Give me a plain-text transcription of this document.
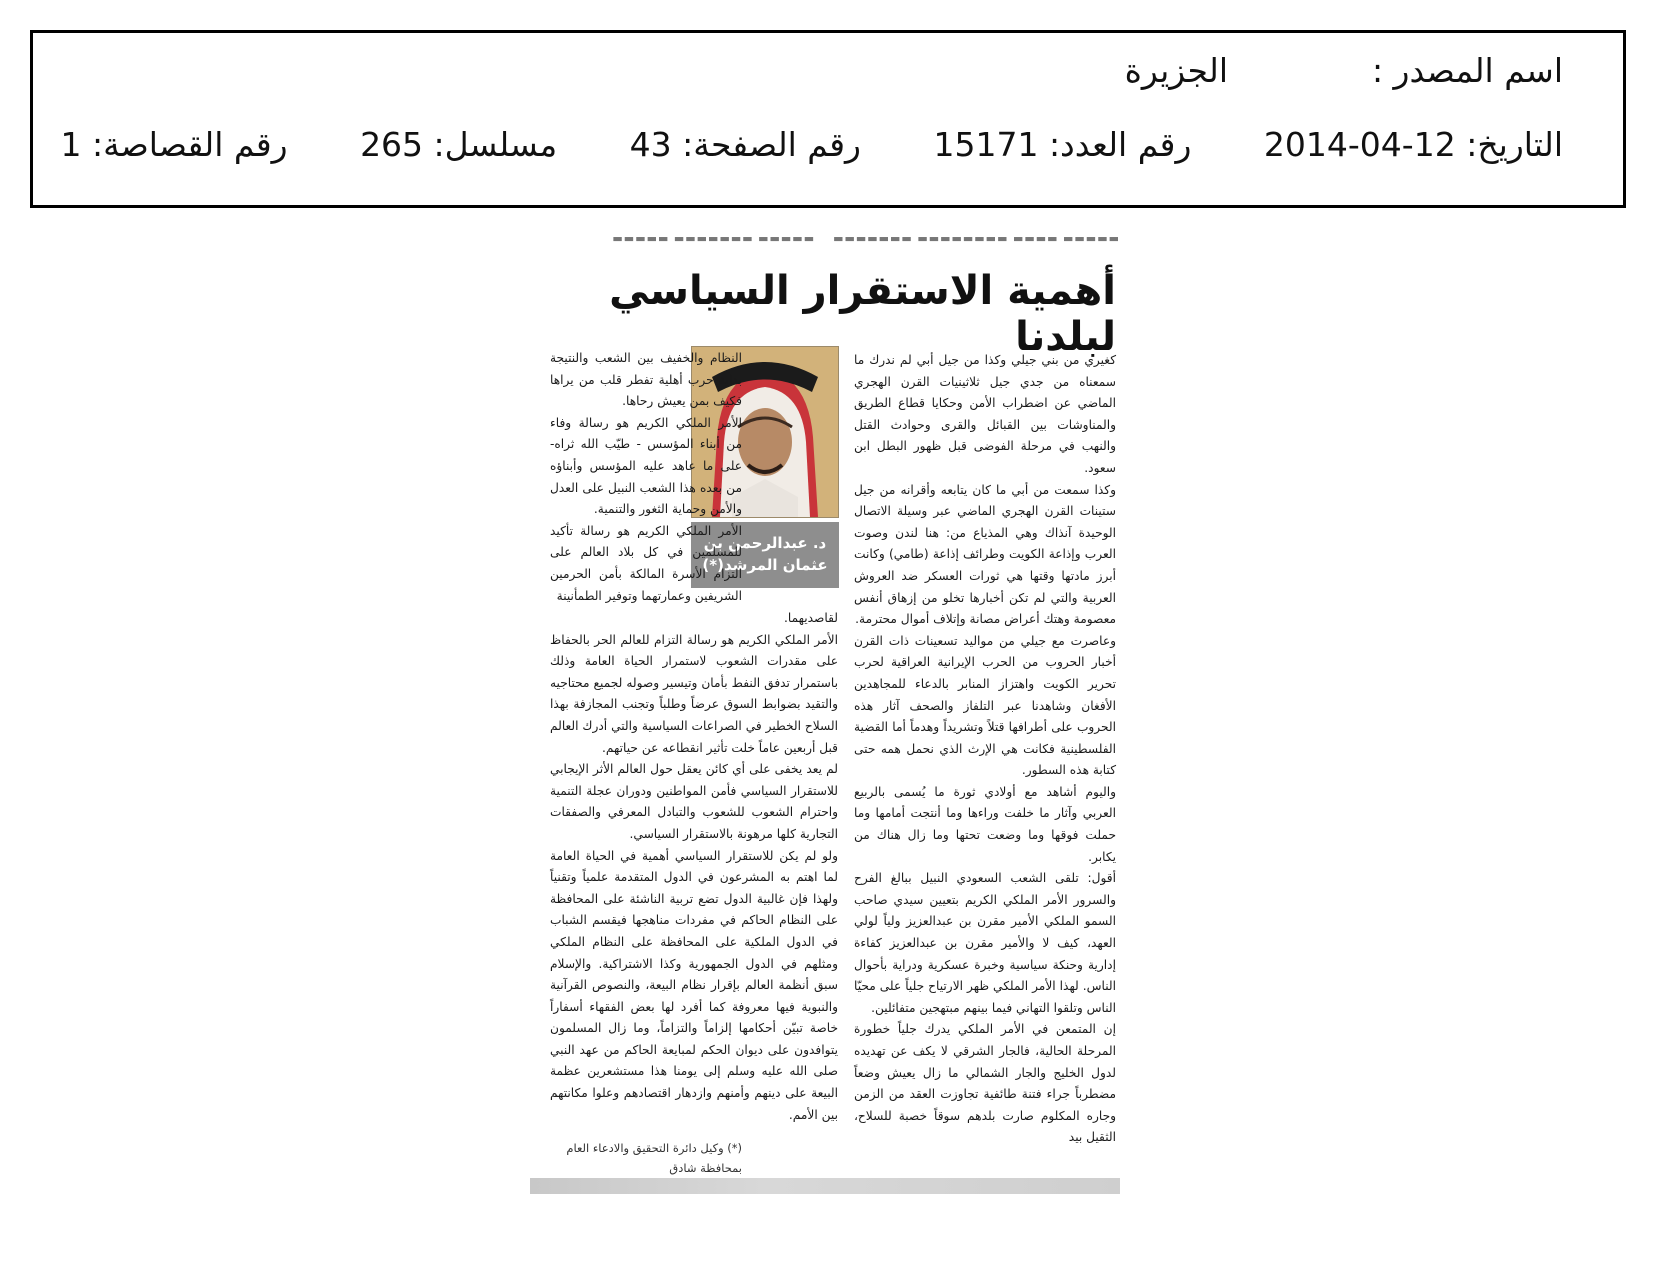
اسم المصدر :
الجزيرة
التاريخ: 12-04-2014 رقم العدد: 15171 رقم الصفحة: 43 مسلسل: 265 رقم القصاصة: 1
▬▬▬▬▬ ▬▬▬▬ ▬▬▬▬▬▬▬▬ ▬▬▬▬▬▬▬    ▬▬▬▬▬ ▬▬▬▬▬▬▬ ▬▬▬▬▬
أهمية الاستقرار السياسي لبلدنا

كغيري من بني جيلي وكذا من جيل أبي لم ندرك ما سمعناه من جدي جيل ثلاثينيات القرن الهجري الماضي عن اضطراب الأمن وحكايا قطاع الطريق والمناوشات بين القبائل والقرى وحوادث القتل والنهب في مرحلة الفوضى قبل ظهور البطل ابن سعود.

وكذا سمعت من أبي ما كان يتابعه وأقرانه من جيل ستينات القرن الهجري الماضي عبر وسيلة الاتصال الوحيدة آنذاك وهي المذياع من: هنا لندن وصوت العرب وإذاعة الكويت وطرائف إذاعة (طامي) وكانت أبرز مادتها وقتها هي ثورات العسكر ضد العروش العربية والتي لم تكن أخبارها تخلو من إزهاق أنفس معصومة وهتك أعراض مصانة وإتلاف أموال محترمة.

وعاصرت مع جيلي من مواليد تسعينات ذات القرن أخبار الحروب من الحرب الإيرانية العراقية لحرب تحرير الكويت واهتزاز المنابر بالدعاء للمجاهدين الأفغان وشاهدنا عبر التلفاز والصحف آثار هذه الحروب على أطرافها قتلاً وتشريداً وهدماً أما القضية الفلسطينية فكانت هي الإرث الذي نحمل همه حتى كتابة هذه السطور.

واليوم أشاهد مع أولادي ثورة ما يُسمى بالربيع العربي وآثار ما خلفت وراءها وما أنتجت أمامها وما حملت فوقها وما وضعت تحتها وما زال هناك من يكابر.

أقول: تلقى الشعب السعودي النبيل ببالغ الفرح والسرور الأمر الملكي الكريم بتعيين سيدي صاحب السمو الملكي الأمير مقرن بن عبدالعزيز ولياً لولي العهد، كيف لا والأمير مقرن بن عبدالعزيز كفاءة إدارية وحنكة سياسية وخبرة عسكرية ودراية بأحوال الناس. لهذا الأمر الملكي ظهر الارتياح جلياً على محيّا الناس وتلقوا التهاني فيما بينهم مبتهجين متفائلين.

إن المتمعن في الأمر الملكي يدرك جلياً خطورة المرحلة الحالية، فالجار الشرقي لا يكف عن تهديده لدول الخليج والجار الشمالي ما زال يعيش وضعاً مضطرباً جراء فتنة طائفية تجاوزت العقد من الزمن وجاره المكلوم صارت بلدهم سوقاً خصبة للسلاح، الثقيل بيد

د. عبدالرحمن بن عثمان المرشد(*)

النظام والخفيف بين الشعب والنتيجة بداية حرب أهلية تفطر قلب من يراها فكيف بمن يعيش رحاها.

الأمر الملكي الكريم هو رسالة وفاء من أبناء المؤسس - طيّب الله ثراه- على ما عاهد عليه المؤسس وأبناؤه من بعده هذا الشعب النبيل على العدل والأمن وحماية الثغور والتنمية.

الأمر الملكي الكريم هو رسالة تأكيد للمسلمين في كل بلاد العالم على التزام الأسرة المالكة بأمن الحرمين الشريفين وعمارتهما وتوفير الطمأنينة

لقاصديهما.

الأمر الملكي الكريم هو رسالة التزام للعالم الحر بالحفاظ على مقدرات الشعوب لاستمرار الحياة العامة وذلك باستمرار تدفق النفط بأمان وتيسير وصوله لجميع محتاجيه والتقيد بضوابط السوق عرضاً وطلباً وتجنب المجازفة بهذا السلاح الخطير في الصراعات السياسية والتي أدرك العالم قبل أربعين عاماً خلت تأثير انقطاعه عن حياتهم.

لم يعد يخفى على أي كائن يعقل حول العالم الأثر الإيجابي للاستقرار السياسي فأمن المواطنين ودوران عجلة التنمية واحترام الشعوب للشعوب والتبادل المعرفي والصفقات التجارية كلها مرهونة بالاستقرار السياسي.

ولو لم يكن للاستقرار السياسي أهمية في الحياة العامة لما اهتم به المشرعون في الدول المتقدمة علمياً وتقنياً ولهذا فإن غالبية الدول تضع تربية الناشئة على المحافظة على النظام الحاكم في مفردات مناهجها فيقسم الشباب في الدول الملكية على المحافظة على النظام الملكي ومثلهم في الدول الجمهورية وكذا الاشتراكية. والإسلام سبق أنظمة العالم بإقرار نظام البيعة، والنصوص القرآنية والنبوية فيها معروفة كما أفرد لها بعض الفقهاء أسفاراً خاصة تبيّن أحكامها إلزاماً والتزاماً، وما زال المسلمون يتوافدون على ديوان الحكم لمبايعة الحاكم من عهد النبي صلى الله عليه وسلم إلى يومنا هذا مستشعرين عظمة البيعة على دينهم وأمنهم وازدهار اقتصادهم وعلوا مكانتهم بين الأمم.

(*) وكيل دائرة التحقيق والادعاء العام بمحافظة شادق
